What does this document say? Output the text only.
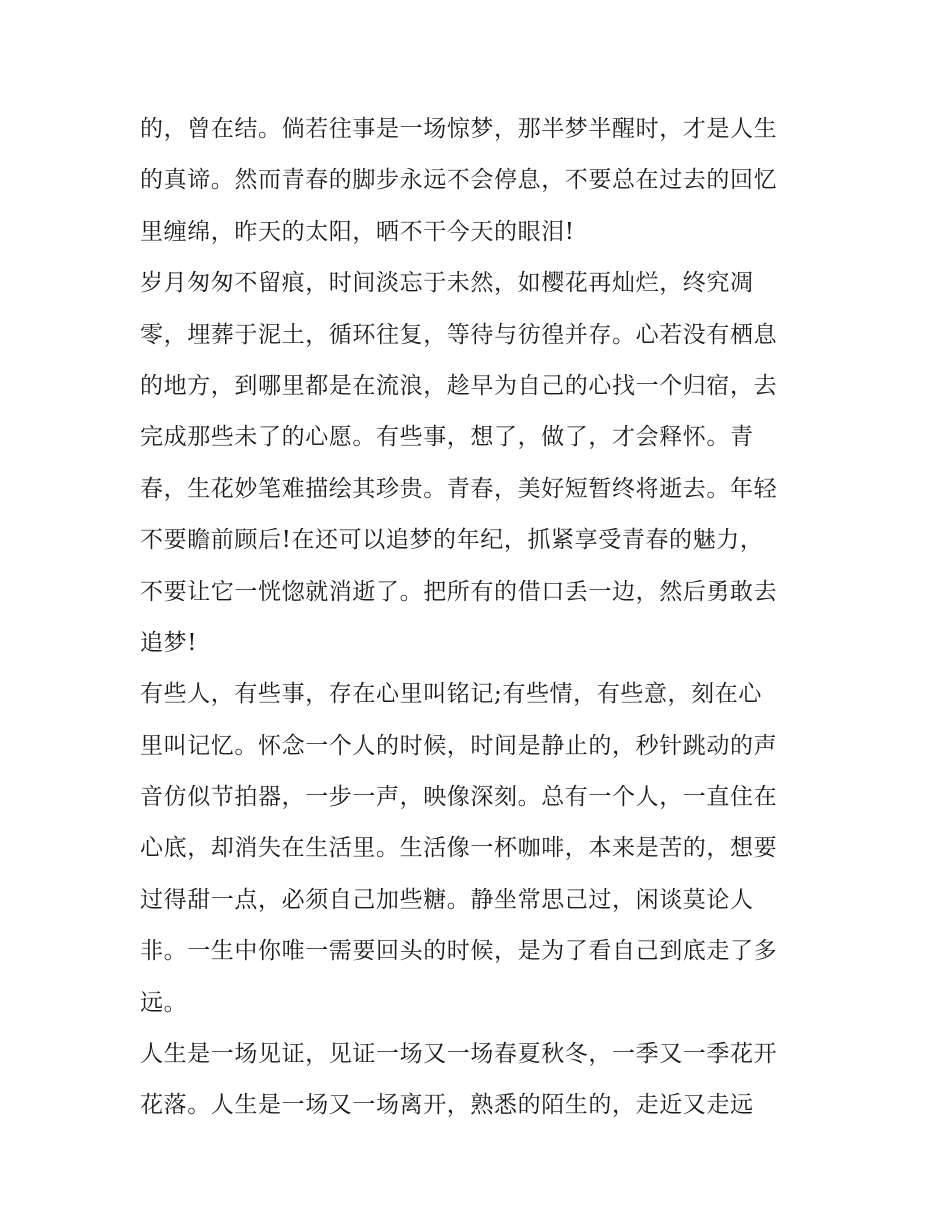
的，曾在结。倘若往事是一场惊梦，那半梦半醒时，才是人生
的真谛。然而青春的脚步永远不会停息，不要总在过去的回忆
里缠绵，昨天的太阳，晒不干今天的眼泪!
岁月匆匆不留痕，时间淡忘于未然，如樱花再灿烂，终究凋
零，埋葬于泥土，循环往复，等待与彷徨并存。心若没有栖息
的地方，到哪里都是在流浪，趁早为自己的心找一个归宿，去
完成那些未了的心愿。有些事，想了，做了，才会释怀。青
春，生花妙笔难描绘其珍贵。青春，美好短暂终将逝去。年轻
不要瞻前顾后!在还可以追梦的年纪，抓紧享受青春的魅力，
不要让它一恍惚就消逝了。把所有的借口丢一边，然后勇敢去
追梦!
有些人，有些事，存在心里叫铭记;有些情，有些意，刻在心
里叫记忆。怀念一个人的时候，时间是静止的，秒针跳动的声
音仿似节拍器，一步一声，映像深刻。总有一个人，一直住在
心底，却消失在生活里。生活像一杯咖啡，本来是苦的，想要
过得甜一点，必须自己加些糖。静坐常思己过，闲谈莫论人
非。一生中你唯一需要回头的时候，是为了看自己到底走了多
远。
人生是一场见证，见证一场又一场春夏秋冬，一季又一季花开
花落。人生是一场又一场离开，熟悉的陌生的，走近又走远
